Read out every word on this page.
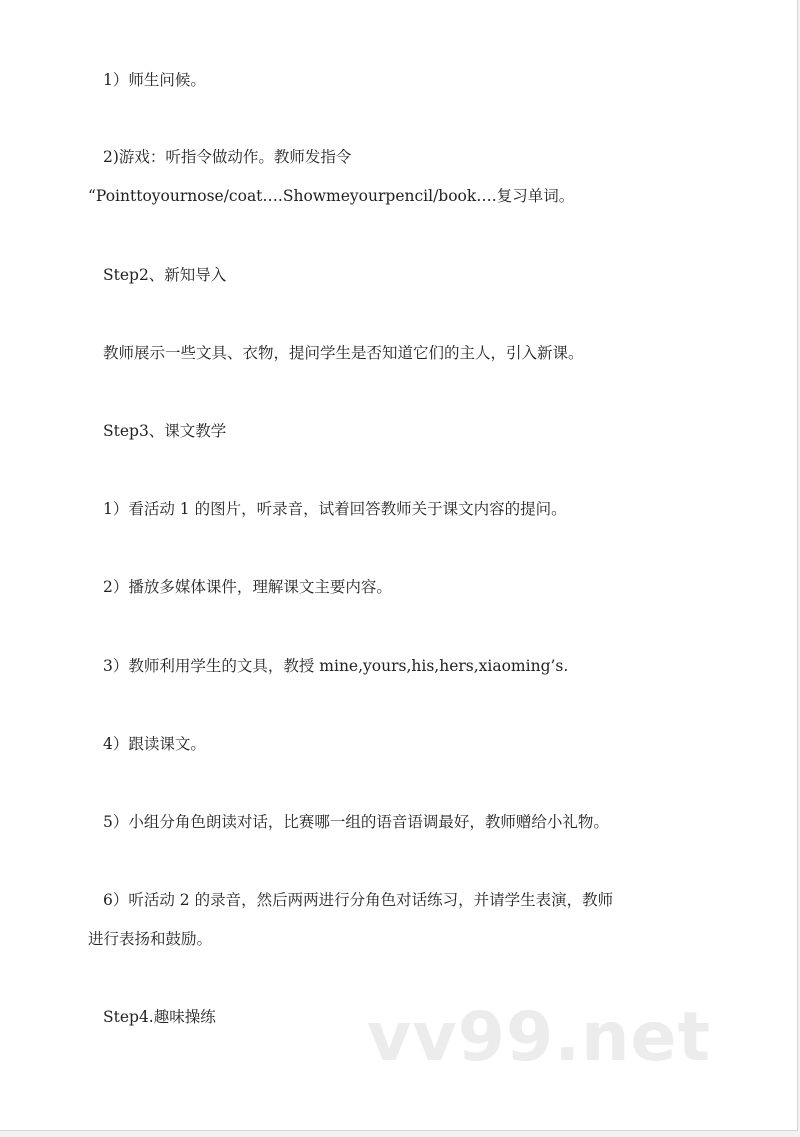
1）师生问候。
2)游戏：听指令做动作。教师发指令
“Pointtoyournose/coat….Showmeyourpencil/book….复习单词。
Step2、新知导入
教师展示一些文具、衣物，提问学生是否知道它们的主人，引入新课。
Step3、课文教学
1）看活动 1 的图片，听录音，试着回答教师关于课文内容的提问。
2）播放多媒体课件，理解课文主要内容。
3）教师利用学生的文具，教授 mine,yours,his,hers,xiaoming’s.
4）跟读课文。
5）小组分角色朗读对话，比赛哪一组的语音语调最好，教师赠给小礼物。
6）听活动 2 的录音，然后两两进行分角色对话练习，并请学生表演，教师
进行表扬和鼓励。
Step4.趣味操练 vv99.net
